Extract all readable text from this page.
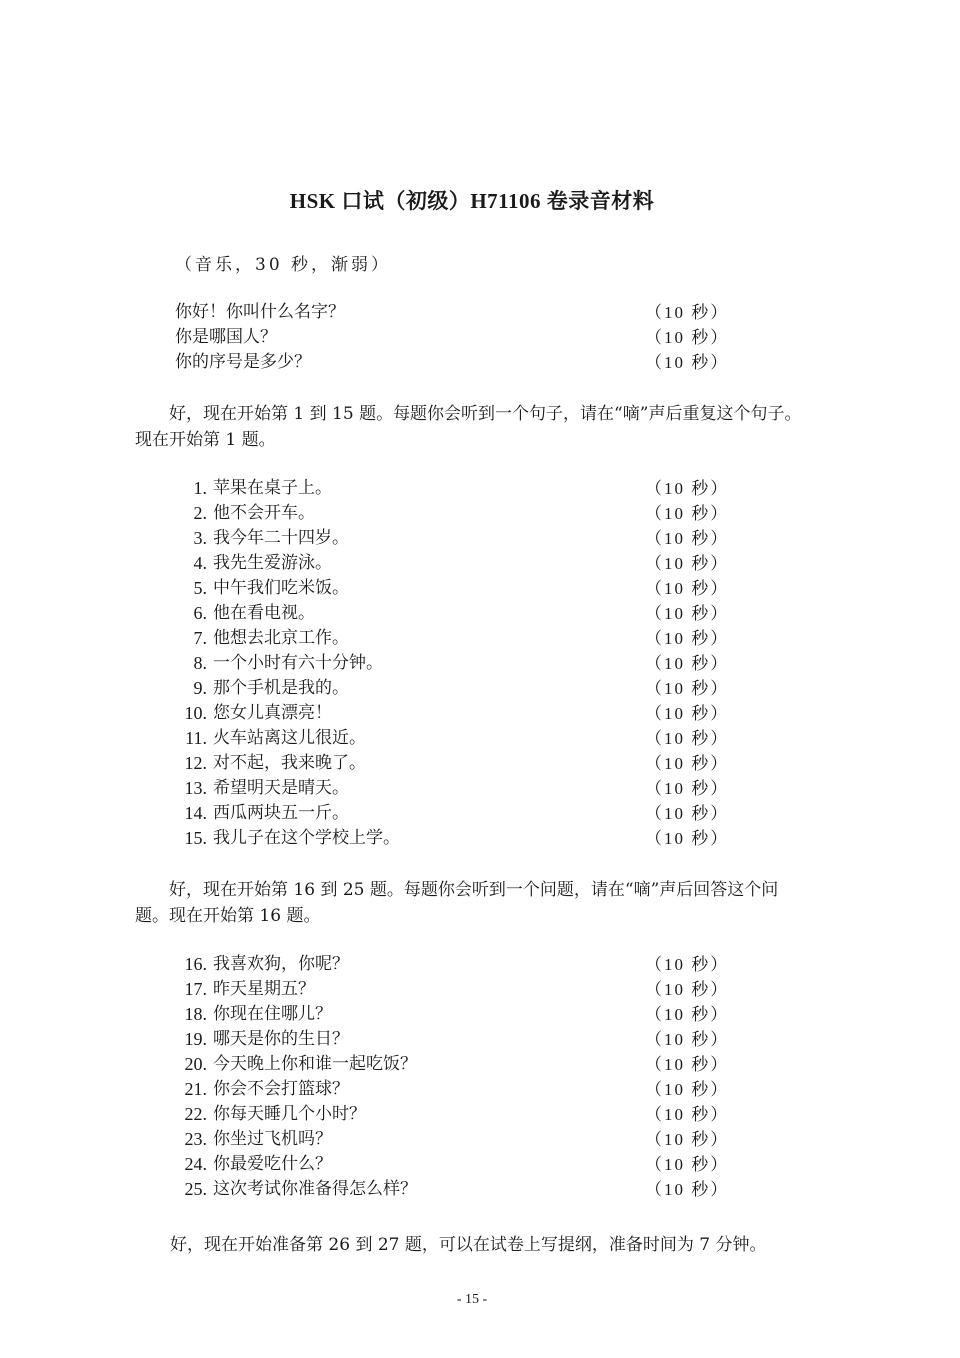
HSK 口试（初级）H71106 卷录音材料
（音乐，30 秒，渐弱）
你好！你叫什么名字？	（10 秒）
你是哪国人？	（10 秒）
你的序号是多少？	（10 秒）
好，现在开始第 1 到 15 题。每题你会听到一个句子，请在“嘀”声后重复这个句子。现在开始第 1 题。
1. 苹果在桌子上。	（10 秒）
2. 他不会开车。	（10 秒）
3. 我今年二十四岁。	（10 秒）
4. 我先生爱游泳。	（10 秒）
5. 中午我们吃米饭。	（10 秒）
6. 他在看电视。	（10 秒）
7. 他想去北京工作。	（10 秒）
8. 一个小时有六十分钟。	（10 秒）
9. 那个手机是我的。	（10 秒）
10. 您女儿真漂亮！	（10 秒）
11. 火车站离这儿很近。	（10 秒）
12. 对不起，我来晚了。	（10 秒）
13. 希望明天是晴天。	（10 秒）
14. 西瓜两块五一斤。	（10 秒）
15. 我儿子在这个学校上学。	（10 秒）
好，现在开始第 16 到 25 题。每题你会听到一个问题，请在“嘀”声后回答这个问题。现在开始第 16 题。
16. 我喜欢狗，你呢？	（10 秒）
17. 昨天星期五？	（10 秒）
18. 你现在住哪儿？	（10 秒）
19. 哪天是你的生日？	（10 秒）
20. 今天晚上你和谁一起吃饭？	（10 秒）
21. 你会不会打篮球？	（10 秒）
22. 你每天睡几个小时？	（10 秒）
23. 你坐过飞机吗？	（10 秒）
24. 你最爱吃什么？	（10 秒）
25. 这次考试你准备得怎么样？	（10 秒）
好，现在开始准备第 26 到 27 题，可以在试卷上写提纲，准备时间为 7 分钟。
- 15 -
